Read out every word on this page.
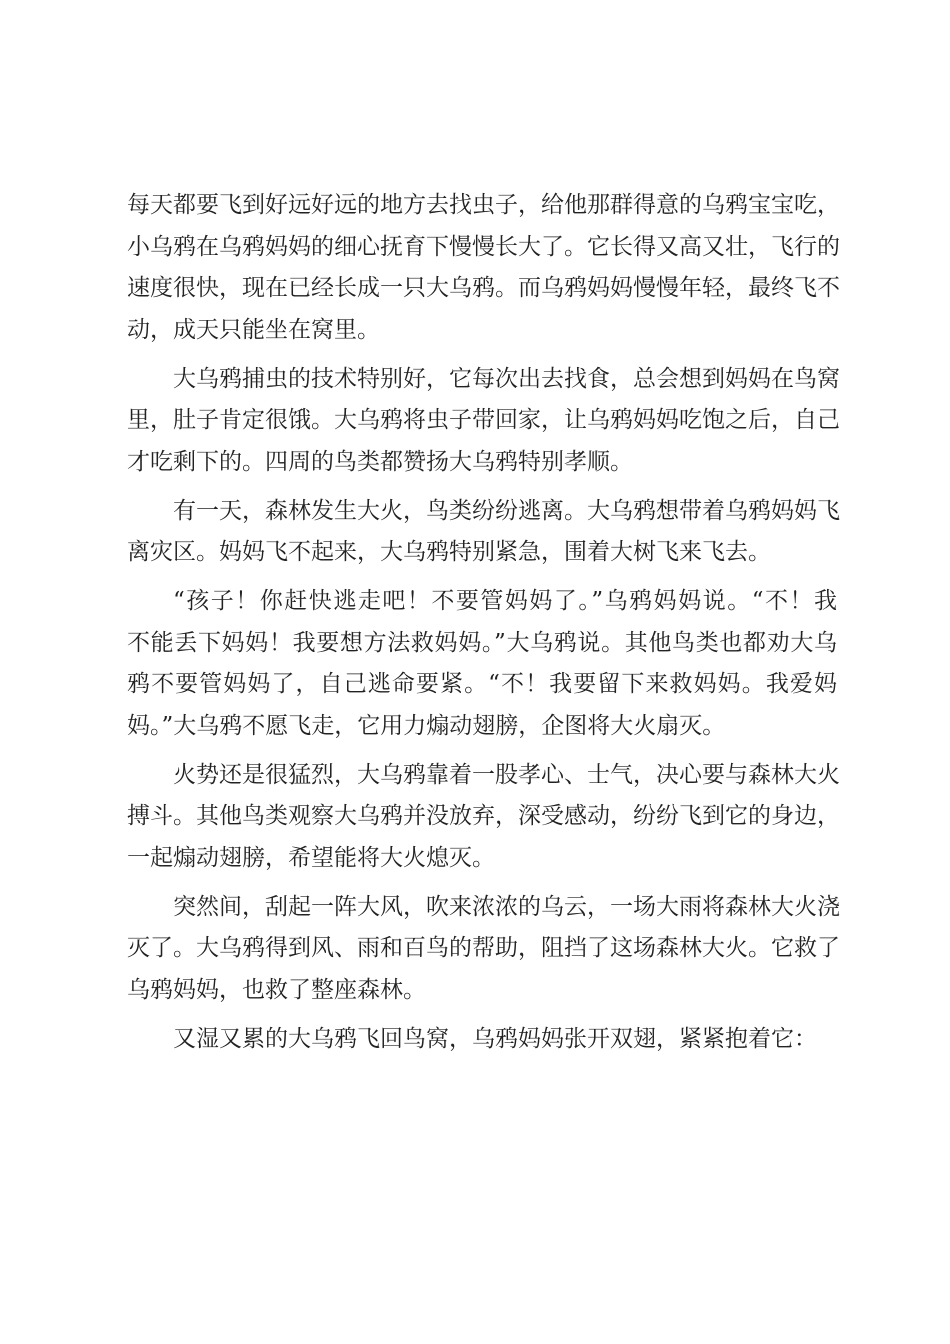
每天都要飞到好远好远的地方去找虫子，给他那群得意的乌鸦宝宝吃，
小乌鸦在乌鸦妈妈的细心抚育下慢慢长大了。它长得又高又壮，飞行的
速度很快，现在已经长成一只大乌鸦。而乌鸦妈妈慢慢年轻，最终飞不
动，成天只能坐在窝里。

大乌鸦捕虫的技术特别好，它每次出去找食，总会想到妈妈在鸟窝
里，肚子肯定很饿。大乌鸦将虫子带回家，让乌鸦妈妈吃饱之后，自己
才吃剩下的。四周的鸟类都赞扬大乌鸦特别孝顺。

有一天，森林发生大火，鸟类纷纷逃离。大乌鸦想带着乌鸦妈妈飞
离灾区。妈妈飞不起来，大乌鸦特别紧急，围着大树飞来飞去。

“孩子！你赶快逃走吧！不要管妈妈了。”乌鸦妈妈说。“不！我
不能丢下妈妈！我要想方法救妈妈。”大乌鸦说。其他鸟类也都劝大乌
鸦不要管妈妈了，自己逃命要紧。“不！我要留下来救妈妈。我爱妈
妈。”大乌鸦不愿飞走，它用力煽动翅膀，企图将大火扇灭。

火势还是很猛烈，大乌鸦靠着一股孝心、士气，决心要与森林大火
搏斗。其他鸟类观察大乌鸦并没放弃，深受感动，纷纷飞到它的身边，
一起煽动翅膀，希望能将大火熄灭。

突然间，刮起一阵大风，吹来浓浓的乌云，一场大雨将森林大火浇
灭了。大乌鸦得到风、雨和百鸟的帮助，阻挡了这场森林大火。它救了
乌鸦妈妈，也救了整座森林。

又湿又累的大乌鸦飞回鸟窝，乌鸦妈妈张开双翅，紧紧抱着它：
